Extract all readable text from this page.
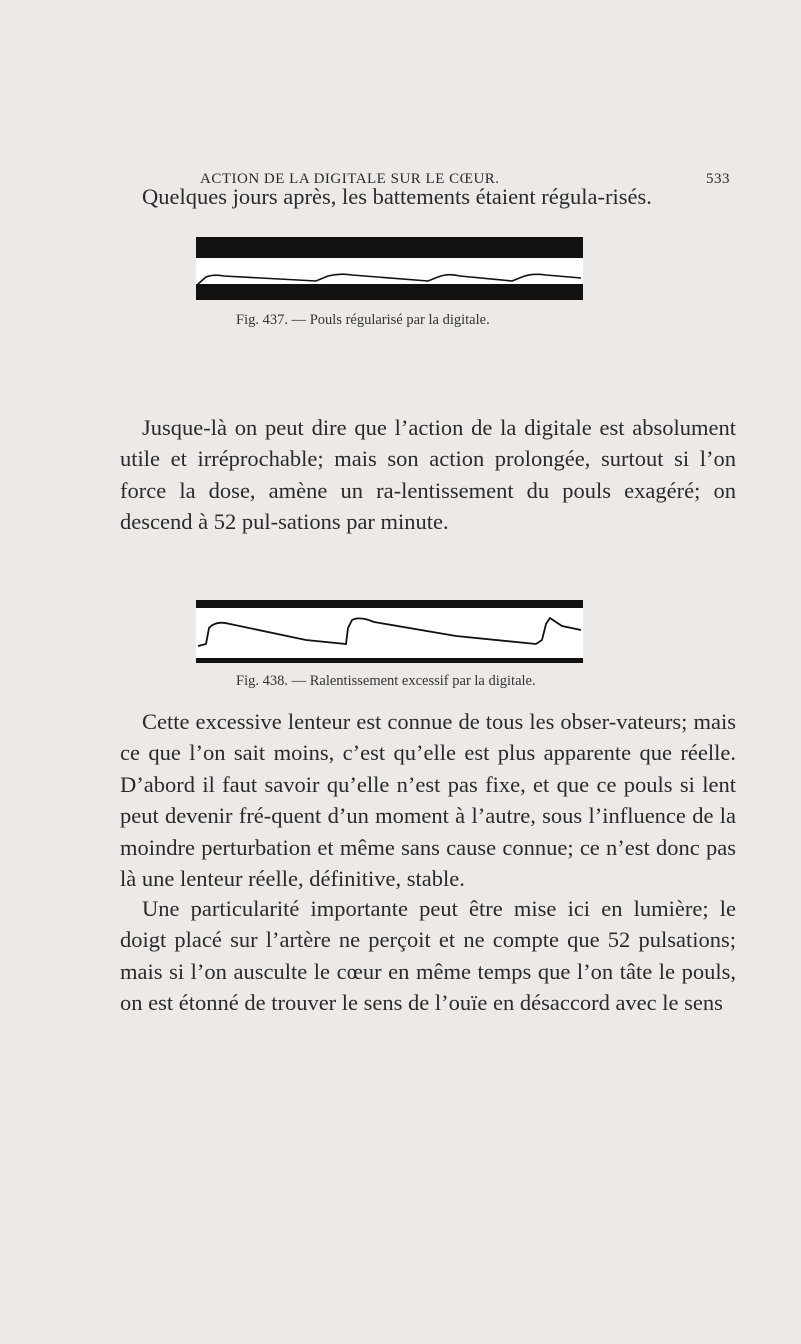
ACTION DE LA DIGITALE SUR LE CŒUR.	533
Quelques jours après, les battements étaient régula-risés.
Fig. 437. — Pouls régularisé par la digitale.
Jusque-là on peut dire que l’action de la digitale est absolument utile et irréprochable; mais son action prolongée, surtout si l’on force la dose, amène un ra-lentissement du pouls exagéré; on descend à 52 pul-sations par minute.
Fig. 438. — Ralentissement excessif par la digitale.
Cette excessive lenteur est connue de tous les obser-vateurs; mais ce que l’on sait moins, c’est qu’elle est plus apparente que réelle. D’abord il faut savoir qu’elle n’est pas fixe, et que ce pouls si lent peut devenir fré-quent d’un moment à l’autre, sous l’influence de la moindre perturbation et même sans cause connue; ce n’est donc pas là une lenteur réelle, définitive, stable.
Une particularité importante peut être mise ici en lumière; le doigt placé sur l’artère ne perçoit et ne compte que 52 pulsations; mais si l’on ausculte le cœur en même temps que l’on tâte le pouls, on est étonné de trouver le sens de l’ouïe en désaccord avec le sens
